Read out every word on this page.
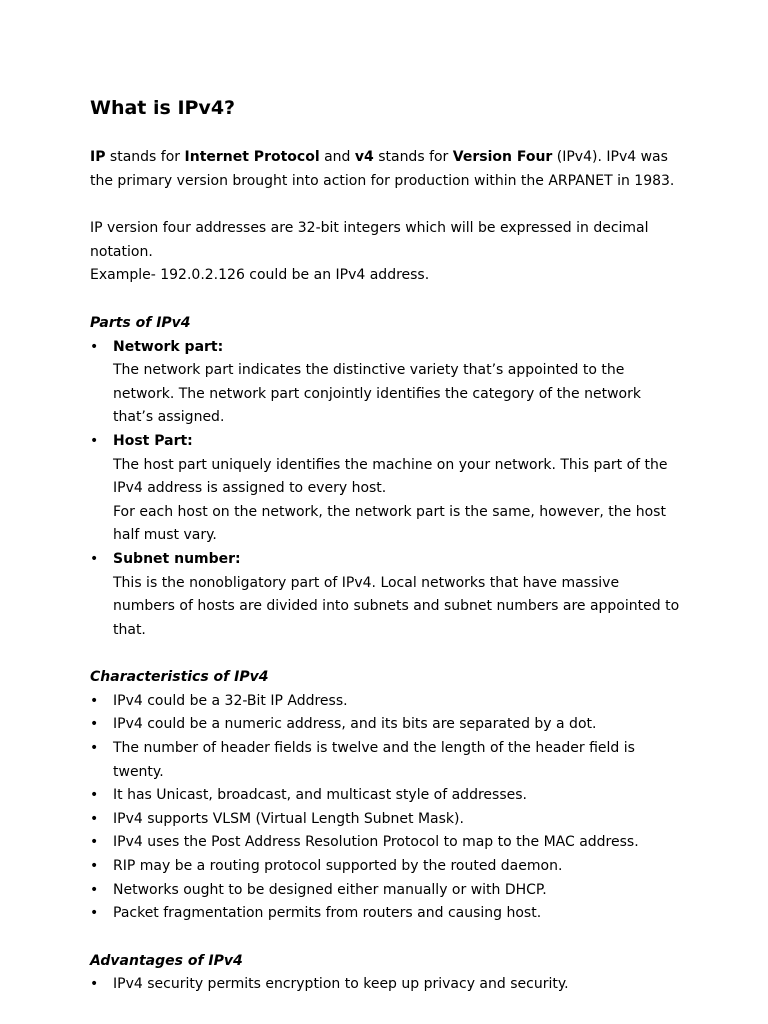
What is IPv4?

IP stands for Internet Protocol and v4 stands for Version Four (IPv4). IPv4 was the primary version brought into action for production within the ARPANET in 1983.

IP version four addresses are 32-bit integers which will be expressed in decimal notation.

Example- 192.0.2.126 could be an IPv4 address.

Parts of IPv4

• Network part:
The network part indicates the distinctive variety that’s appointed to the network. The network part conjointly identifies the category of the network that’s assigned.
• Host Part:
The host part uniquely identifies the machine on your network. This part of the IPv4 address is assigned to every host.
For each host on the network, the network part is the same, however, the host half must vary.
• Subnet number:
This is the nonobligatory part of IPv4. Local networks that have massive numbers of hosts are divided into subnets and subnet numbers are appointed to that.

Characteristics of IPv4

• IPv4 could be a 32-Bit IP Address.
• IPv4 could be a numeric address, and its bits are separated by a dot.
• The number of header fields is twelve and the length of the header field is twenty.
• It has Unicast, broadcast, and multicast style of addresses.
• IPv4 supports VLSM (Virtual Length Subnet Mask).
• IPv4 uses the Post Address Resolution Protocol to map to the MAC address.
• RIP may be a routing protocol supported by the routed daemon.
• Networks ought to be designed either manually or with DHCP.
• Packet fragmentation permits from routers and causing host.

Advantages of IPv4

• IPv4 security permits encryption to keep up privacy and security.
